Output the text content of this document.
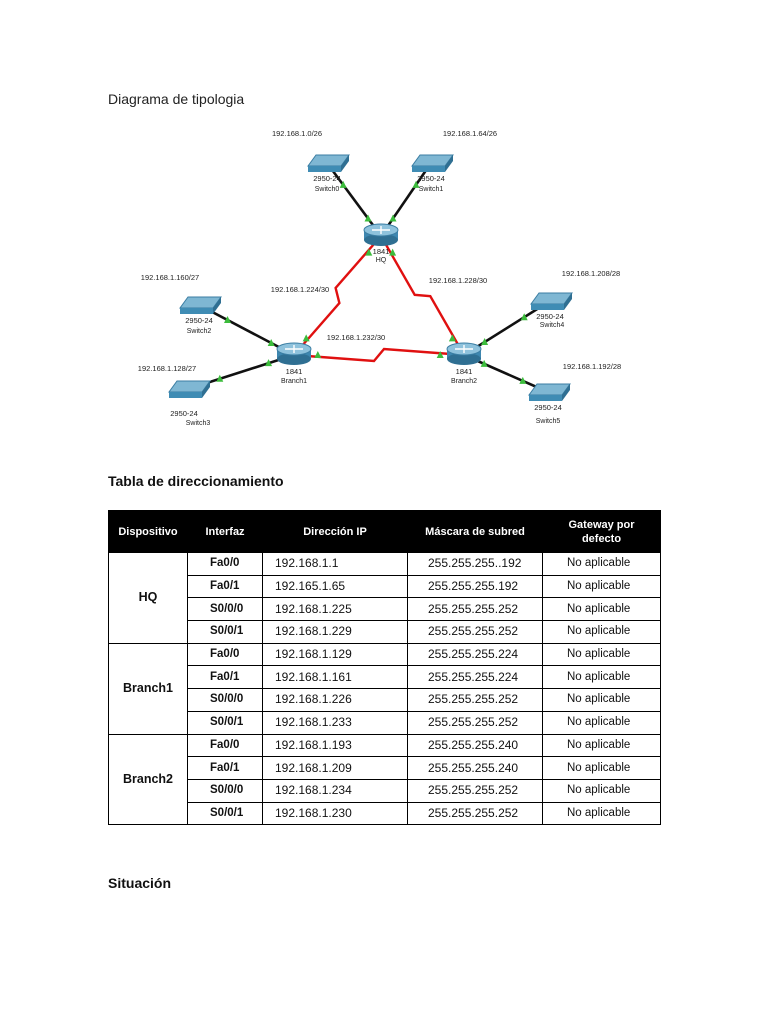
Diagrama de tipologia
192.168.1.224/30
192.168.1.228/30
192.168.1.232/30
2950-24
Switch0
192.168.1.0/26
2950-24
Switch1
192.168.1.64/26
2950-24
Switch2
192.168.1.160/27
2950-24
Switch3
192.168.1.128/27
2950-24
Switch4
192.168.1.208/28
2950-24
Switch5
192.168.1.192/28
1841
HQ
1841
Branch1
1841
Branch2
Tabla de direccionamiento
Dispositivo	Interfaz	Dirección IP	Máscara de subred	Gateway por defecto
HQ	Fa0/0	192.168.1.1	255.255.255..192	No aplicable
	Fa0/1	192.165.1.65	255.255.255.192	No aplicable
	S0/0/0	192.168.1.225	255.255.255.252	No aplicable
	S0/0/1	192.168.1.229	255.255.255.252	No aplicable
Branch1	Fa0/0	192.168.1.129	255.255.255.224	No aplicable
	Fa0/1	192.168.1.161	255.255.255.224	No aplicable
	S0/0/0	192.168.1.226	255.255.255.252	No aplicable
	S0/0/1	192.168.1.233	255.255.255.252	No aplicable
Branch2	Fa0/0	192.168.1.193	255.255.255.240	No aplicable
	Fa0/1	192.168.1.209	255.255.255.240	No aplicable
	S0/0/0	192.168.1.234	255.255.255.252	No aplicable
	S0/0/1	192.168.1.230	255.255.255.252	No aplicable
Situación
